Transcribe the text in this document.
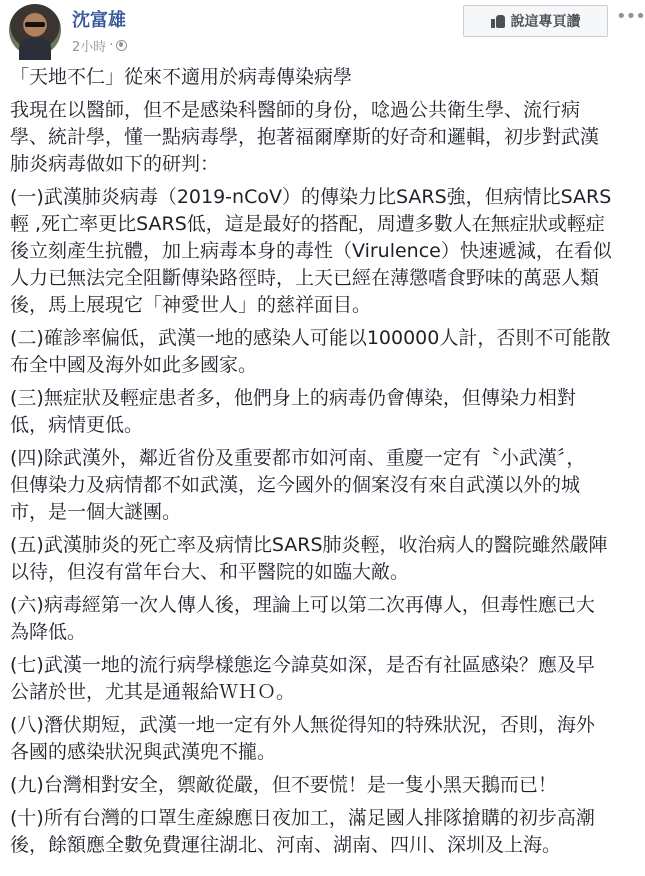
沈富雄
2小時 ·
說這專頁讚 •••
「天地不仁」從來不適用於病毒傳染病學
我現在以醫師，但不是感染科醫師的身份，唸過公共衛生學、流行病
學、統計學，懂一點病毒學，抱著福爾摩斯的好奇和邏輯，初步對武漢
肺炎病毒做如下的研判：
(一)武漢肺炎病毒（2019-nCoV）的傳染力比SARS強，但病情比SARS
輕 ,死亡率更比SARS低，這是最好的搭配，周遭多數人在無症狀或輕症
後立刻產生抗體，加上病毒本身的毒性（Virulence）快速遞減，在看似
人力已無法完全阻斷傳染路徑時，上天已經在薄懲嗜食野味的萬惡人類
後，馬上展現它「神愛世人」的慈祥面目。
(二)確診率偏低，武漢一地的感染人可能以100000人計，否則不可能散
布全中國及海外如此多國家。
(三)無症狀及輕症患者多，他們身上的病毒仍會傳染，但傳染力相對
低，病情更低。
(四)除武漢外，鄰近省份及重要都市如河南、重慶一定有〝小武漢〞，
但傳染力及病情都不如武漢，迄今國外的個案沒有來自武漢以外的城
市，是一個大謎團。
(五)武漢肺炎的死亡率及病情比SARS肺炎輕，收治病人的醫院雖然嚴陣
以待，但沒有當年台大、和平醫院的如臨大敵。
(六)病毒經第一次人傳人後，理論上可以第二次再傳人，但毒性應已大
為降低。
(七)武漢一地的流行病學樣態迄今諱莫如深，是否有社區感染？應及早
公諸於世，尤其是通報給ＷＨＯ。
(八)潛伏期短，武漢一地一定有外人無從得知的特殊狀況，否則，海外
各國的感染狀況與武漢兜不攏。
(九)台灣相對安全，禦敵從嚴，但不要慌！是一隻小黑天鵝而已！
(十)所有台灣的口罩生產線應日夜加工，滿足國人排隊搶購的初步高潮
後，餘額應全數免費運往湖北、河南、湖南、四川、深圳及上海。
